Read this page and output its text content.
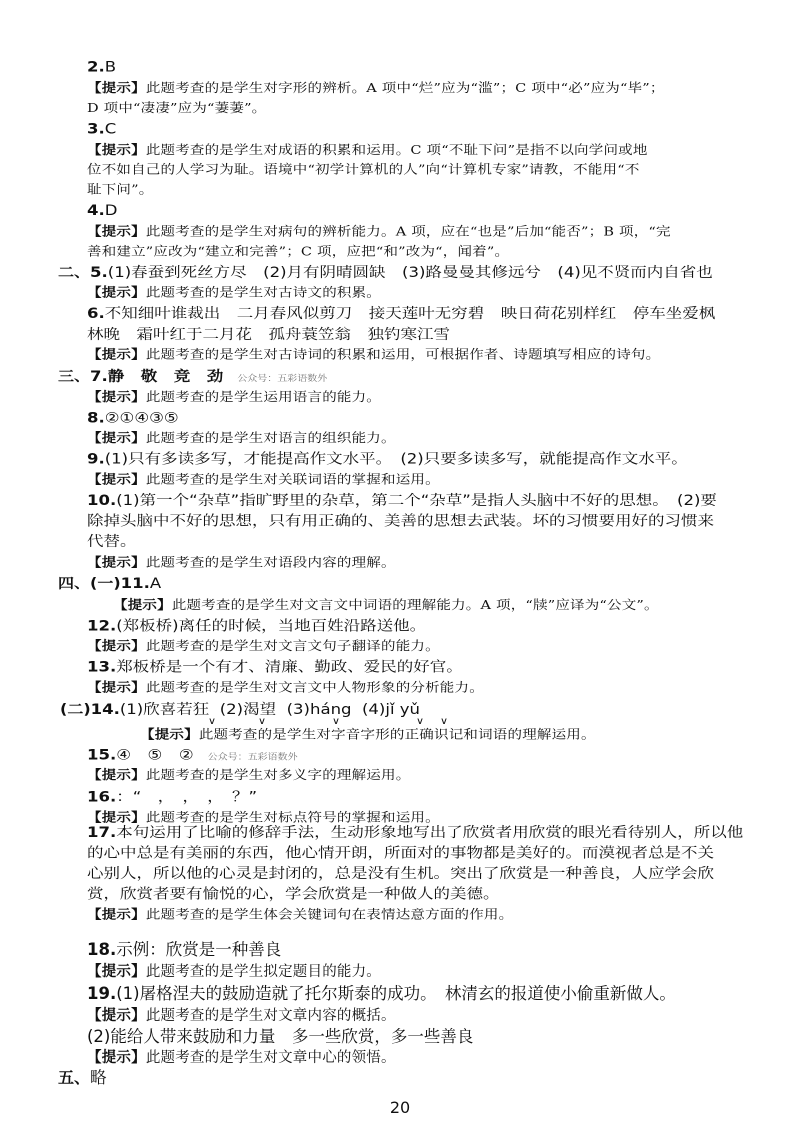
2.B
【提示】此题考查的是学生对字形的辨析。A 项中“烂”应为“滥”；C 项中“必”应为“毕”；
D 项中“凄凄”应为“萋萋”。
3.C
【提示】此题考查的是学生对成语的积累和运用。C 项“不耻下问”是指不以向学问或地
位不如自己的人学习为耻。语境中“初学计算机的人”向“计算机专家”请教，不能用“不
耻下问”。
4.D
【提示】此题考查的是学生对病句的辨析能力。A 项，应在“也是”后加“能否”；B 项，“完
善和建立”应改为“建立和完善”；C 项，应把“和”改为“，闻着”。
二、5.(1)春蚕到死丝方尽　(2)月有阴晴圆缺　(3)路曼曼其修远兮　(4)见不贤而内自省也
【提示】此题考查的是学生对古诗文的积累。
6.不知细叶谁裁出　二月春风似剪刀　接天莲叶无穷碧　映日荷花别样红　停车坐爱枫
林晚　霜叶红于二月花　孤舟蓑笠翁　独钓寒江雪
【提示】此题考查的是学生对古诗词的积累和运用，可根据作者、诗题填写相应的诗句。
三、7.静　敬　竞　劲 公众号：五彩语数外
【提示】此题考查的是学生运用语言的能力。
8.②①④③⑤
【提示】此题考查的是学生对语言的组织能力。
9.(1)只有多读多写，才能提高作文水平。　(2)只要多读多写，就能提高作文水平。
【提示】此题考查的是学生对关联词语的掌握和运用。
10.(1)第一个“杂草”指旷野里的杂草，第二个“杂草”是指人头脑中不好的思想。　(2)要
除掉头脑中不好的思想，只有用正确的、美善的思想去武装。坏的习惯要用好的习惯来
代替。
【提示】此题考查的是学生对语段内容的理解。
四、(一)11.A
【提示】此题考查的是学生对文言文中词语的理解能力。A 项，“牍”应译为“公文”。
12.(郑板桥)离任的时候，当地百姓沿路送他。
【提示】此题考查的是学生对文言文句子翻译的能力。
13.郑板桥是一个有才、清廉、勤政、爱民的好官。
【提示】此题考查的是学生对文言文中人物形象的分析能力。
(二)14.(1)欣喜若狂 (2)渴望 (3)háng (4)jǐ yǔ
∨	∨	∨	∨ ∨
【提示】此题考查的是学生对字音字形的正确识记和词语的理解运用。
15.④　⑤　② 公众号：五彩语数外
【提示】此题考查的是学生对多义字的理解运用。
16.：“　，　，　，　？”
【提示】此题考查的是学生对标点符号的掌握和运用。
17.本句运用了比喻的修辞手法，生动形象地写出了欣赏者用欣赏的眼光看待别人，所以他
的心中总是有美丽的东西，他心情开朗，所面对的事物都是美好的。而漠视者总是不关
心别人，所以他的心灵是封闭的，总是没有生机。突出了欣赏是一种善良，人应学会欣
赏，欣赏者要有愉悦的心，学会欣赏是一种做人的美德。
【提示】此题考查的是学生体会关键词句在表情达意方面的作用。
18.示例：欣赏是一种善良
【提示】此题考查的是学生拟定题目的能力。
19.(1)屠格涅夫的鼓励造就了托尔斯泰的成功。　林清玄的报道使小偷重新做人。
【提示】此题考查的是学生对文章内容的概括。
(2)能给人带来鼓励和力量　多一些欣赏，多一些善良
【提示】此题考查的是学生对文章中心的领悟。
五、略
20
